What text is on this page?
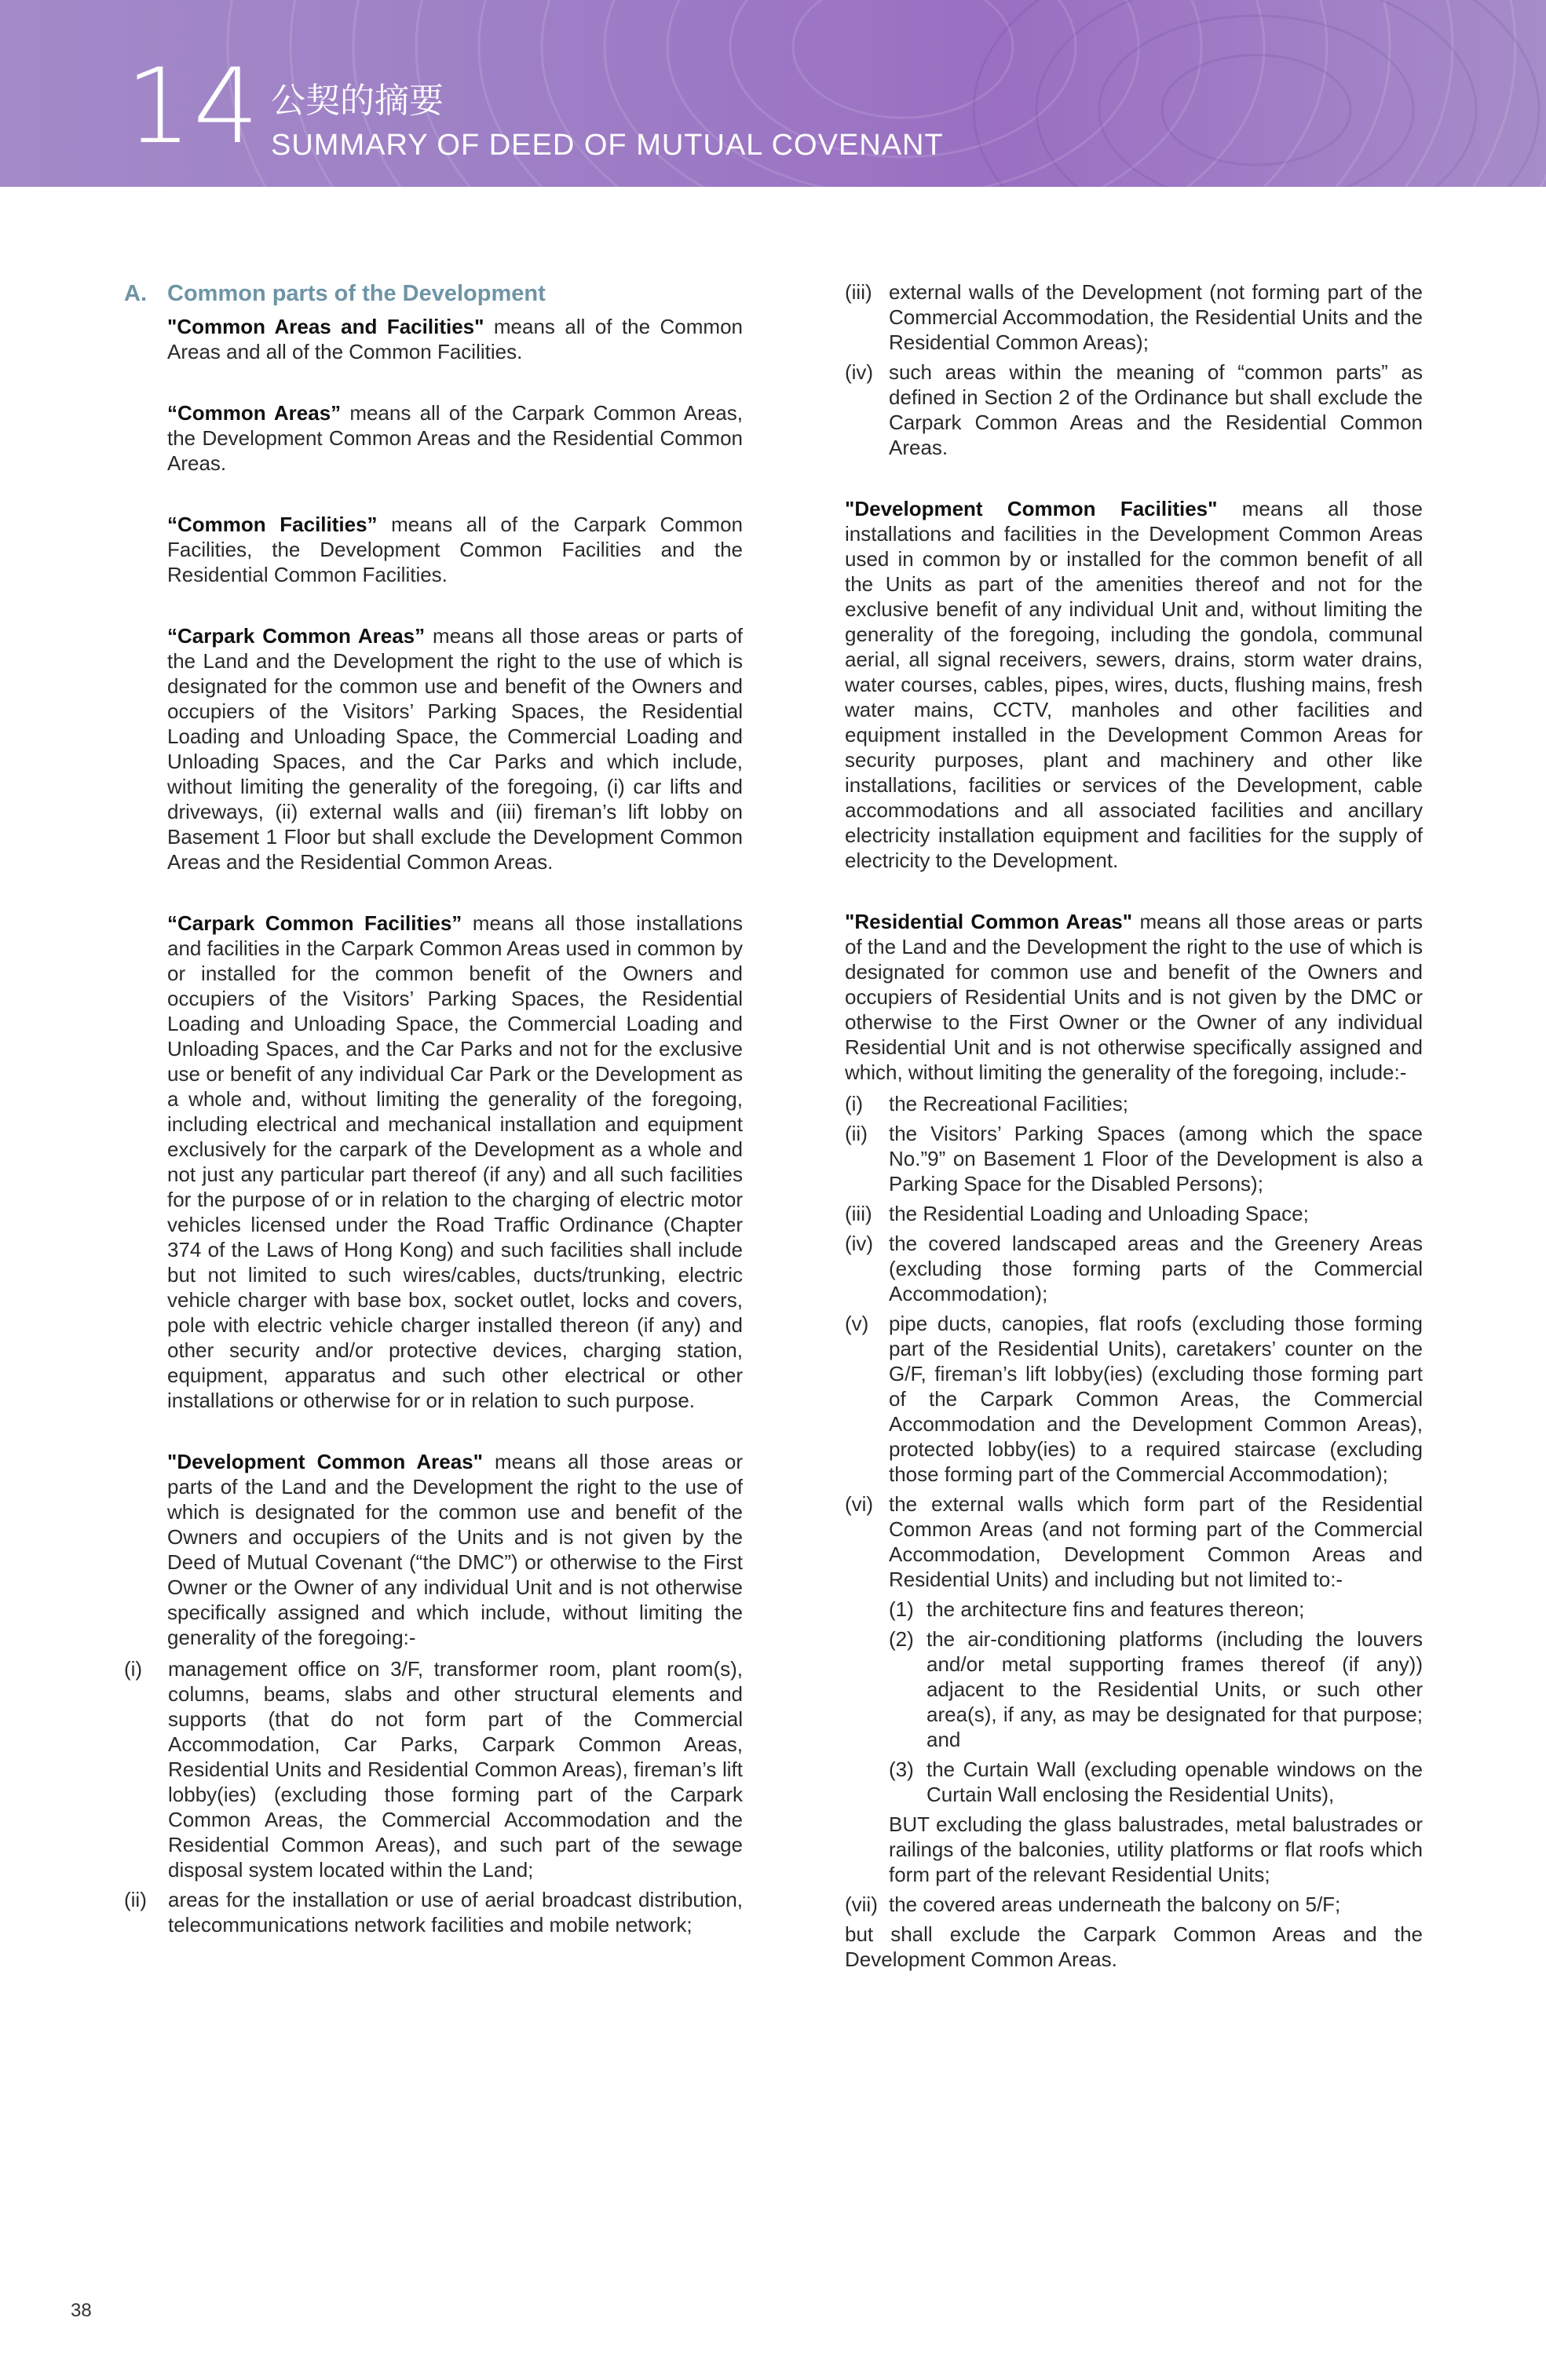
14 公契的摘要
SUMMARY OF DEED OF MUTUAL COVENANT
A. Common parts of the Development

"Common Areas and Facilities" means all of the Common Areas and all of the Common Facilities.

“Common Areas” means all of the Carpark Common Areas, the Development Common Areas and the Residential Common Areas.

“Common Facilities” means all of the Carpark Common Facilities, the Development Common Facilities and the Residential Common Facilities.

“Carpark Common Areas” means all those areas or parts of the Land and the Development the right to the use of which is designated for the common use and benefit of the Owners and occupiers of the Visitors’ Parking Spaces, the Residential Loading and Unloading Space, the Commercial Loading and Unloading Spaces, and the Car Parks and which include, without limiting the generality of the foregoing, (i) car lifts and driveways, (ii) external walls and (iii) fireman’s lift lobby on Basement 1 Floor but shall exclude the Development Common Areas and the Residential Common Areas.

“Carpark Common Facilities” means all those installations and facilities in the Carpark Common Areas used in common by or installed for the common benefit of the Owners and occupiers of the Visitors’ Parking Spaces, the Residential Loading and Unloading Space, the Commercial Loading and Unloading Spaces, and the Car Parks and not for the exclusive use or benefit of any individual Car Park or the Development as a whole and, without limiting the generality of the foregoing, including electrical and mechanical installation and equipment exclusively for the carpark of the Development as a whole and not just any particular part thereof (if any) and all such facilities for the purpose of or in relation to the charging of electric motor vehicles licensed under the Road Traffic Ordinance (Chapter 374 of the Laws of Hong Kong) and such facilities shall include but not limited to such wires/cables, ducts/trunking, electric vehicle charger with base box, socket outlet, locks and covers, pole with electric vehicle charger installed thereon (if any) and other security and/or protective devices, charging station, equipment, apparatus and such other electrical or other installations or otherwise for or in relation to such purpose.

"Development Common Areas" means all those areas or parts of the Land and the Development the right to the use of which is designated for the common use and benefit of the Owners and occupiers of the Units and is not given by the Deed of Mutual Covenant (“the DMC”) or otherwise to the First Owner or the Owner of any individual Unit and is not otherwise specifically assigned and which include, without limiting the generality of the foregoing:-

(i) management office on 3/F, transformer room, plant room(s), columns, beams, slabs and other structural elements and supports (that do not form part of the Commercial Accommodation, Car Parks, Carpark Common Areas, Residential Units and Residential Common Areas), fireman’s lift lobby(ies) (excluding those forming part of the Carpark Common Areas, the Commercial Accommodation and the Residential Common Areas), and such part of the sewage disposal system located within the Land;
(ii) areas for the installation or use of aerial broadcast distribution, telecommunications network facilities and mobile network;
(iii) external walls of the Development (not forming part of the Commercial Accommodation, the Residential Units and the Residential Common Areas);
(iv) such areas within the meaning of “common parts” as defined in Section 2 of the Ordinance but shall exclude the Carpark Common Areas and the Residential Common Areas.

"Development Common Facilities" means all those installations and facilities in the Development Common Areas used in common by or installed for the common benefit of all the Units as part of the amenities thereof and not for the exclusive benefit of any individual Unit and, without limiting the generality of the foregoing, including the gondola, communal aerial, all signal receivers, sewers, drains, storm water drains, water courses, cables, pipes, wires, ducts, flushing mains, fresh water mains, CCTV, manholes and other facilities and equipment installed in the Development Common Areas for security purposes, plant and machinery and other like installations, facilities or services of the Development, cable accommodations and all associated facilities and ancillary electricity installation equipment and facilities for the supply of electricity to the Development.

"Residential Common Areas" means all those areas or parts of the Land and the Development the right to the use of which is designated for common use and benefit of the Owners and occupiers of Residential Units and is not given by the DMC or otherwise to the First Owner or the Owner of any individual Residential Unit and is not otherwise specifically assigned and which, without limiting the generality of the foregoing, include:-

(i) the Recreational Facilities;
(ii) the Visitors’ Parking Spaces (among which the space No.”9” on Basement 1 Floor of the Development is also a Parking Space for the Disabled Persons);
(iii) the Residential Loading and Unloading Space;
(iv) the covered landscaped areas and the Greenery Areas (excluding those forming parts of the Commercial Accommodation);
(v) pipe ducts, canopies, flat roofs (excluding those forming part of the Residential Units), caretakers’ counter on the G/F, fireman’s lift lobby(ies) (excluding those forming part of the Carpark Common Areas, the Commercial Accommodation and the Development Common Areas), protected lobby(ies) to a required staircase (excluding those forming part of the Commercial Accommodation);
(vi) the external walls which form part of the Residential Common Areas (and not forming part of the Commercial Accommodation, Development Common Areas and Residential Units) and including but not limited to:-
(1) the architecture fins and features thereon;
(2) the air-conditioning platforms (including the louvers and/or metal supporting frames thereof (if any)) adjacent to the Residential Units, or such other area(s), if any, as may be designated for that purpose; and
(3) the Curtain Wall (excluding openable windows on the Curtain Wall enclosing the Residential Units),
BUT excluding the glass balustrades, metal balustrades or railings of the balconies, utility platforms or flat roofs which form part of the relevant Residential Units;
(vii) the covered areas underneath the balcony on 5/F;

but shall exclude the Carpark Common Areas and the Development Common Areas.

38
